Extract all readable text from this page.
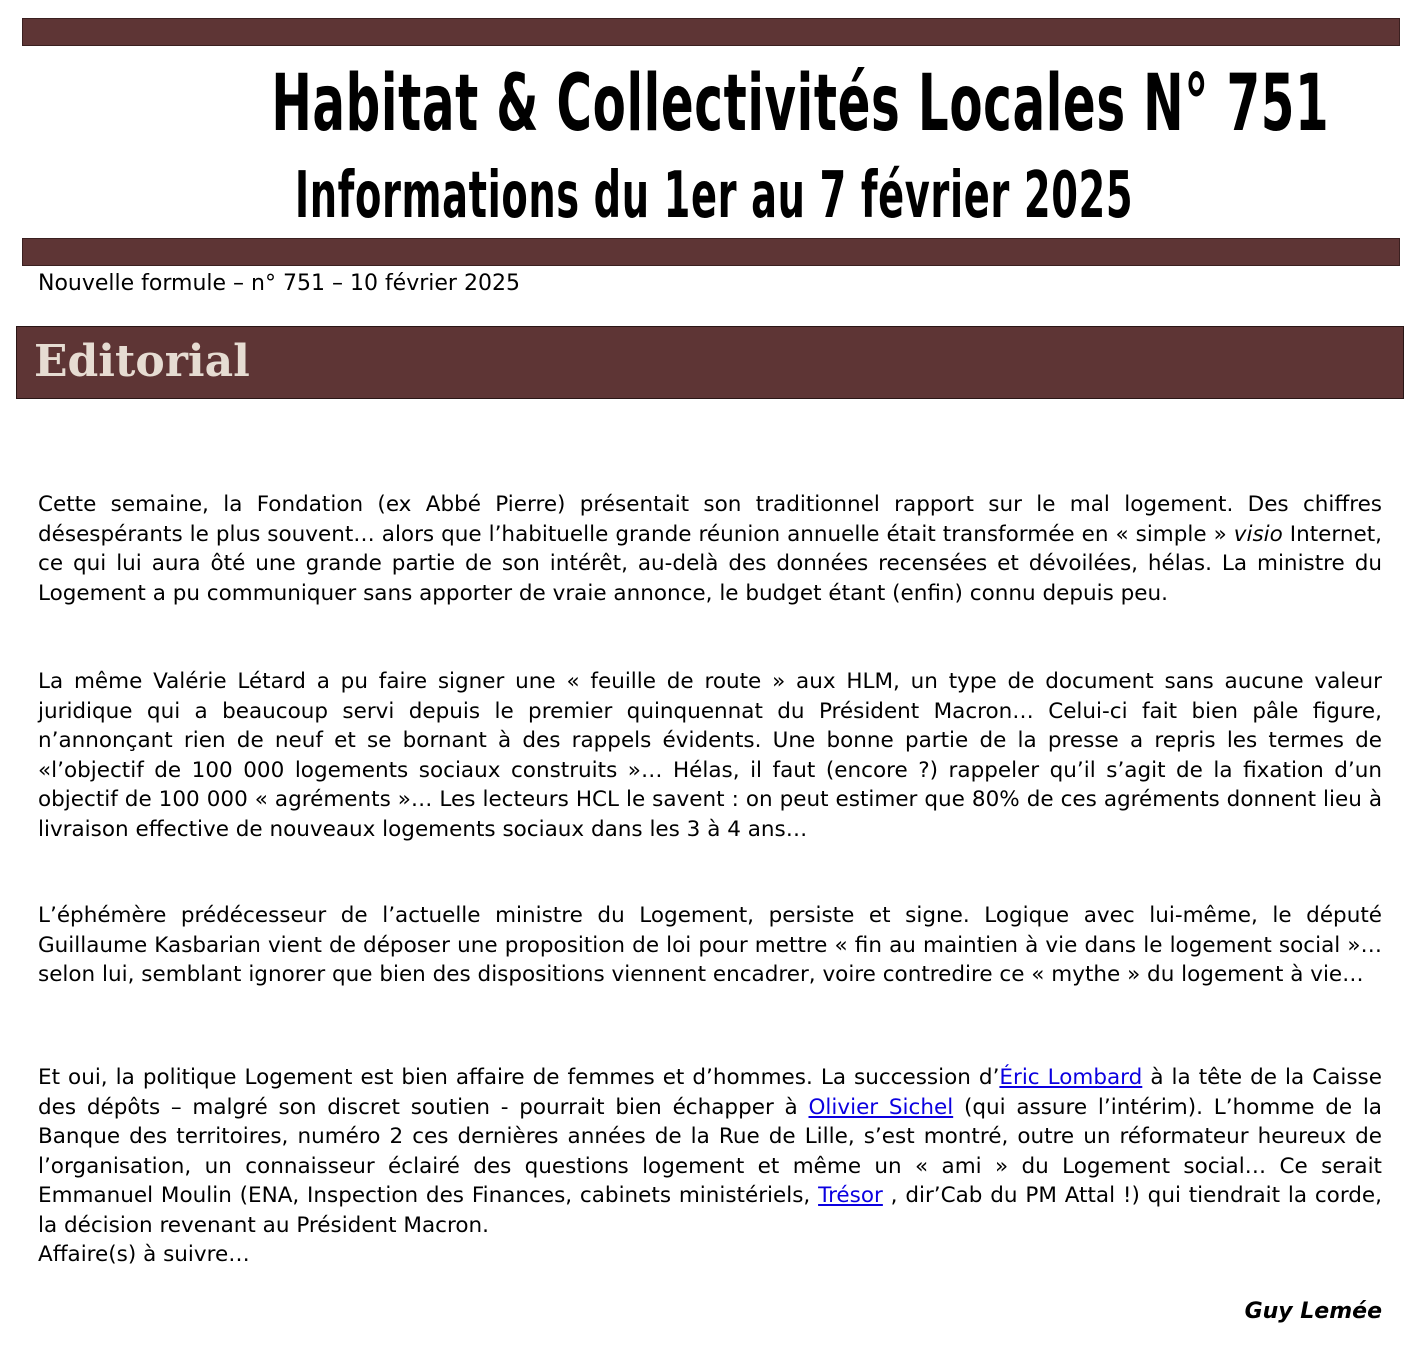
Habitat & Collectivités Locales N° 751
Informations du 1er au 7 février 2025
Nouvelle formule – n° 751 – 10 février 2025
Editorial

Cette semaine, la Fondation (ex Abbé Pierre) présentait son traditionnel rapport sur le mal logement. Des chiffres désespérants le plus souvent… alors que l’habituelle grande réunion annuelle était transformée en « simple » visio Internet, ce qui lui aura ôté une grande partie de son intérêt, au-delà des données recensées et dévoilées, hélas. La ministre du Logement a pu communiquer sans apporter de vraie annonce, le budget étant (enfin) connu depuis peu.

La même Valérie Létard a pu faire signer une « feuille de route » aux HLM, un type de document sans aucune valeur juridique qui a beaucoup servi depuis le premier quinquennat du Président Macron… Celui-ci fait bien pâle figure, n’annonçant rien de neuf et se bornant à des rappels évidents. Une bonne partie de la presse a repris les termes de «l’objectif de 100 000 logements sociaux construits »… Hélas, il faut (encore ?) rappeler qu’il s’agit de la fixation d’un objectif de 100 000 « agréments »… Les lecteurs HCL le savent : on peut estimer que 80% de ces agréments donnent lieu à livraison effective de nouveaux logements sociaux dans les 3 à 4 ans…

L’éphémère prédécesseur de l’actuelle ministre du Logement, persiste et signe. Logique avec lui-même, le député Guillaume Kasbarian vient de déposer une proposition de loi pour mettre « fin au maintien à vie dans le logement social »… selon lui, semblant ignorer que bien des dispositions viennent encadrer, voire contredire ce « mythe » du logement à vie…

Et oui, la politique Logement est bien affaire de femmes et d’hommes. La succession d’Éric Lombard à la tête de la Caisse des dépôts – malgré son discret soutien - pourrait bien échapper à Olivier Sichel (qui assure l’intérim). L’homme de la Banque des territoires, numéro 2 ces dernières années de la Rue de Lille, s’est montré, outre un réformateur heureux de l’organisation, un connaisseur éclairé des questions logement et même un « ami » du Logement social… Ce serait Emmanuel Moulin (ENA, Inspection des Finances, cabinets ministériels, Trésor , dir’Cab du PM Attal !) qui tiendrait la corde, la décision revenant au Président Macron.
Affaire(s) à suivre…

Guy Lemée
